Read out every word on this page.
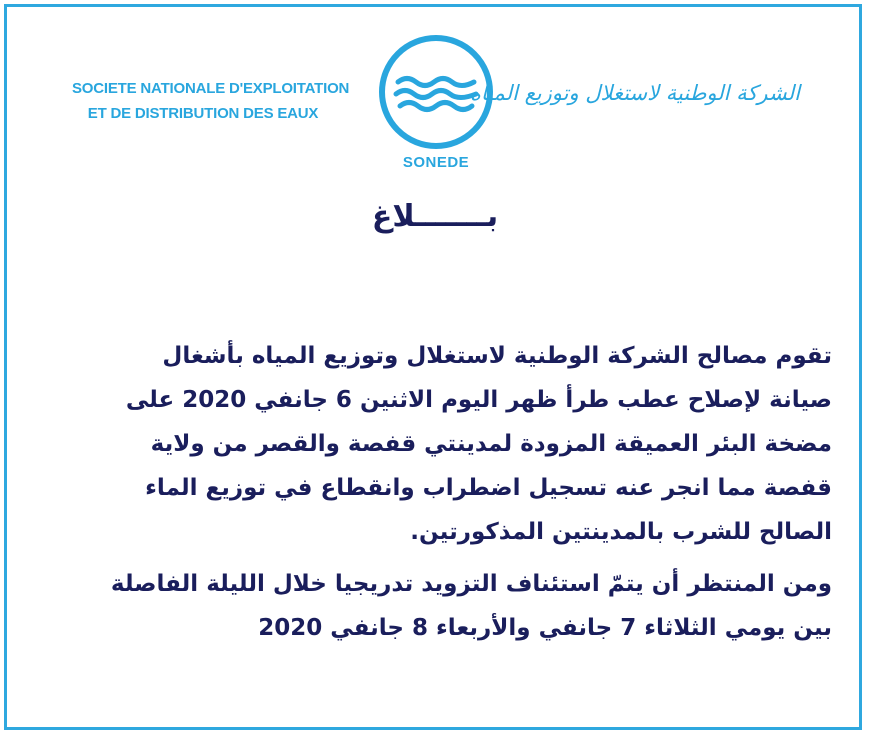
SOCIETE NATIONALE D'EXPLOITATION
ET DE DISTRIBUTION DES EAUX
SONEDE
الشركة الوطنية لاستغلال وتوزيع المياه
بـــــــلاغ
تقوم مصالح الشركة الوطنية لاستغلال وتوزيع المياه بأشغال
صيانة لإصلاح عطب طرأ ظهر اليوم الاثنين 6 جانفي 2020 على
مضخة البئر العميقة المزودة لمدينتي قفصة والقصر من ولاية
قفصة مما انجر عنه تسجيل اضطراب وانقطاع في توزيع الماء
الصالح للشرب بالمدينتين المذكورتين.
ومن المنتظر أن يتمّ استئناف التزويد تدريجيا خلال الليلة الفاصلة
بين يومي الثلاثاء 7 جانفي والأربعاء 8 جانفي 2020
